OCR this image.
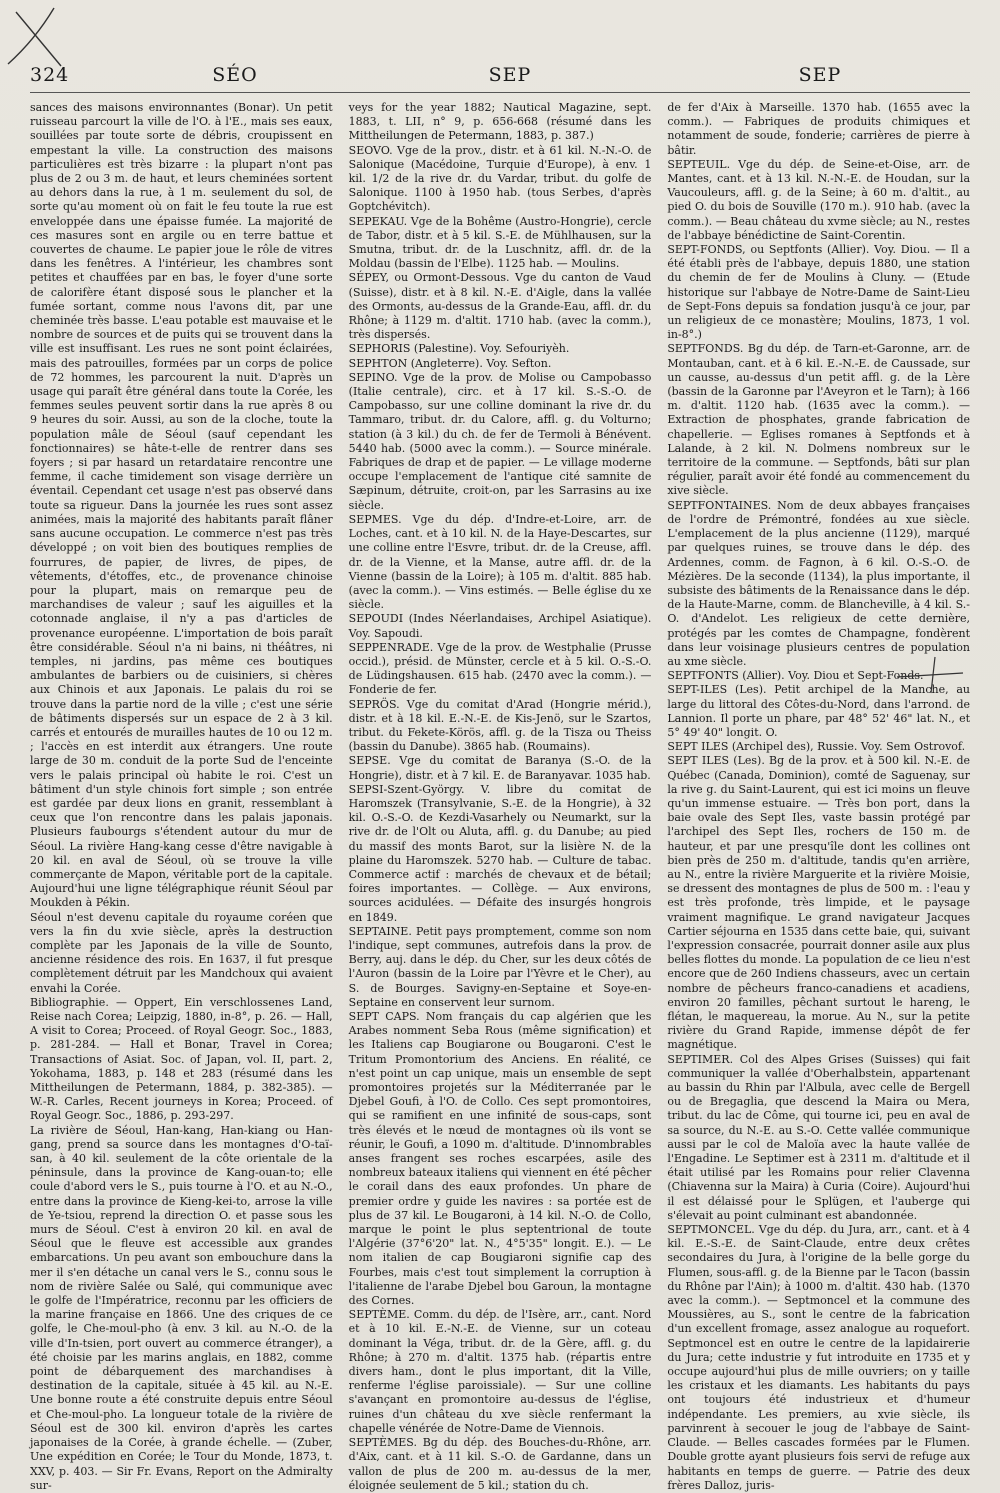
324	SÉO	SEP	SEP

sances des maisons environnantes (Bonar). Un petit ruisseau parcourt la ville de l'O. à l'E., mais ses eaux, souillées par toute sorte de débris, croupissent en empestant la ville. La construction des maisons particulières est très bizarre : la plupart n'ont pas plus de 2 ou 3 m. de haut, et leurs cheminées sortent au dehors dans la rue, à 1 m. seulement du sol, de sorte qu'au moment où on fait le feu toute la rue est enveloppée dans une épaisse fumée. La majorité de ces masures sont en argile ou en terre battue et couvertes de chaume. Le papier joue le rôle de vitres dans les fenêtres. A l'intérieur, les chambres sont petites et chauffées par en bas, le foyer d'une sorte de calorifère étant disposé sous le plancher et la fumée sortant, comme nous l'avons dit, par une cheminée très basse. L'eau potable est mauvaise et le nombre de sources et de puits qui se trouvent dans la ville est insuffisant. Les rues ne sont point éclairées, mais des patrouilles, formées par un corps de police de 72 hommes, les parcourent la nuit. D'après un usage qui paraît être général dans toute la Corée, les femmes seules peuvent sortir dans la rue après 8 ou 9 heures du soir. Aussi, au son de la cloche, toute la population mâle de Séoul (sauf cependant les fonctionnaires) se hâte-t-elle de rentrer dans ses foyers ; si par hasard un retardataire rencontre une femme, il cache timidement son visage derrière un éventail. Cependant cet usage n'est pas observé dans toute sa rigueur. Dans la journée les rues sont assez animées, mais la majorité des habitants paraît flâner sans aucune occupation. Le commerce n'est pas très développé ; on voit bien des boutiques remplies de fourrures, de papier, de livres, de pipes, de vêtements, d'étoffes, etc., de provenance chinoise pour la plupart, mais on remarque peu de marchandises de valeur ; sauf les aiguilles et la cotonnade anglaise, il n'y a pas d'articles de provenance européenne. L'importation de bois paraît être considérable. Séoul n'a ni bains, ni théâtres, ni temples, ni jardins, pas même ces boutiques ambulantes de barbiers ou de cuisiniers, si chères aux Chinois et aux Japonais. Le palais du roi se trouve dans la partie nord de la ville ; c'est une série de bâtiments dispersés sur un espace de 2 à 3 kil. carrés et entourés de murailles hautes de 10 ou 12 m. ; l'accès en est interdit aux étrangers. Une route large de 30 m. conduit de la porte Sud de l'enceinte vers le palais principal où habite le roi. C'est un bâtiment d'un style chinois fort simple ; son entrée est gardée par deux lions en granit, ressemblant à ceux que l'on rencontre dans les palais japonais. Plusieurs faubourgs s'étendent autour du mur de Séoul. La rivière Hang-kang cesse d'être navigable à 20 kil. en aval de Séoul, où se trouve la ville commerçante de Mapon, véritable port de la capitale. Aujourd'hui une ligne télégraphique réunit Séoul par Moukden à Pékin.

Séoul n'est devenu capitale du royaume coréen que vers la fin du xvie siècle, après la destruction complète par les Japonais de la ville de Sounto, ancienne résidence des rois. En 1637, il fut presque complètement détruit par les Mandchoux qui avaient envahi la Corée.

Bibliographie. — Oppert, Ein verschlossenes Land, Reise nach Corea; Leipzig, 1880, in-8°, p. 26. — Hall, A visit to Corea; Proceed. of Royal Geogr. Soc., 1883, p. 281-284. — Hall et Bonar, Travel in Corea; Transactions of Asiat. Soc. of Japan, vol. II, part. 2, Yokohama, 1883, p. 148 et 283 (résumé dans les Mittheilungen de Petermann, 1884, p. 382-385). — W.-R. Carles, Recent journeys in Korea; Proceed. of Royal Geogr. Soc., 1886, p. 293-297.

La rivière de Séoul, Han-kang, Han-kiang ou Han-gang, prend sa source dans les montagnes d'O-taï-san, à 40 kil. seulement de la côte orientale de la péninsule, dans la province de Kang-ouan-to; elle coule d'abord vers le S., puis tourne à l'O. et au N.-O., entre dans la province de Kieng-kei-to, arrose la ville de Ye-tsiou, reprend la direction O. et passe sous les murs de Séoul. C'est à environ 20 kil. en aval de Séoul que le fleuve est accessible aux grandes embarcations. Un peu avant son embouchure dans la mer il s'en détache un canal vers le S., connu sous le nom de rivière Salée ou Salé, qui communique avec le golfe de l'Impératrice, reconnu par les officiers de la marine française en 1866. Une des criques de ce golfe, le Che-moul-pho (à env. 3 kil. au N.-O. de la ville d'In-tsien, port ouvert au commerce étranger), a été choisie par les marins anglais, en 1882, comme point de débarquement des marchandises à destination de la capitale, située à 45 kil. au N.-E. Une bonne route a été construite depuis entre Séoul et Che-moul-pho. La longueur totale de la rivière de Séoul est de 300 kil. environ d'après les cartes japonaises de la Corée, à grande échelle. — (Zuber, Une expédition en Corée; le Tour du Monde, 1873, t. XXV, p. 403. — Sir Fr. Evans, Report on the Admiralty sur-

veys for the year 1882; Nautical Magazine, sept. 1883, t. LII, n° 9, p. 656-668 (résumé dans les Mittheilungen de Petermann, 1883, p. 387.)

SEOVO. Vge de la prov., distr. et à 61 kil. N.-N.-O. de Salonique (Macédoine, Turquie d'Europe), à env. 1 kil. 1/2 de la rive dr. du Vardar, tribut. du golfe de Salonique. 1100 à 1950 hab. (tous Serbes, d'après Goptchévitch).

SEPEKAU. Vge de la Bohême (Austro-Hongrie), cercle de Tabor, distr. et à 5 kil. S.-E. de Mühlhausen, sur la Smutna, tribut. dr. de la Luschnitz, affl. dr. de la Moldau (bassin de l'Elbe). 1125 hab. — Moulins.

SÉPEY, ou Ormont-Dessous. Vge du canton de Vaud (Suisse), distr. et à 8 kil. N.-E. d'Aigle, dans la vallée des Ormonts, au-dessus de la Grande-Eau, affl. dr. du Rhône; à 1129 m. d'altit. 1710 hab. (avec la comm.), très dispersés.

SEPHORIS (Palestine). Voy. Sefouriyèh.

SEPHTON (Angleterre). Voy. Sefton.

SEPINO. Vge de la prov. de Molise ou Campobasso (Italie centrale), circ. et à 17 kil. S.-S.-O. de Campobasso, sur une colline dominant la rive dr. du Tammaro, tribut. dr. du Calore, affl. g. du Volturno; station (à 3 kil.) du ch. de fer de Termoli à Bénévent. 5440 hab. (5000 avec la comm.). — Source minérale. Fabriques de drap et de papier. — Le village moderne occupe l'emplacement de l'antique cité samnite de Sæpinum, détruite, croit-on, par les Sarrasins au ixe siècle.

SEPMES. Vge du dép. d'Indre-et-Loire, arr. de Loches, cant. et à 10 kil. N. de la Haye-Descartes, sur une colline entre l'Esvre, tribut. dr. de la Creuse, affl. dr. de la Vienne, et la Manse, autre affl. dr. de la Vienne (bassin de la Loire); à 105 m. d'altit. 885 hab. (avec la comm.). — Vins estimés. — Belle église du xe siècle.

SEPOUDI (Indes Néerlandaises, Archipel Asiatique). Voy. Sapoudi.

SEPPENRADE. Vge de la prov. de Westphalie (Prusse occid.), présid. de Münster, cercle et à 5 kil. O.-S.-O. de Lüdingshausen. 615 hab. (2470 avec la comm.). — Fonderie de fer.

SEPRÖS. Vge du comitat d'Arad (Hongrie mérid.), distr. et à 18 kil. E.-N.-E. de Kis-Jenö, sur le Szartos, tribut. du Fekete-Körös, affl. g. de la Tisza ou Theiss (bassin du Danube). 3865 hab. (Roumains).

SEPSE. Vge du comitat de Baranya (S.-O. de la Hongrie), distr. et à 7 kil. E. de Baranyavar. 1035 hab.

SEPSI-Szent-György. V. libre du comitat de Haromszek (Transylvanie, S.-E. de la Hongrie), à 32 kil. O.-S.-O. de Kezdi-Vasarhely ou Neumarkt, sur la rive dr. de l'Olt ou Aluta, affl. g. du Danube; au pied du massif des monts Barot, sur la lisière N. de la plaine du Haromszek. 5270 hab. — Culture de tabac. Commerce actif : marchés de chevaux et de bétail; foires importantes. — Collège. — Aux environs, sources acidulées. — Défaite des insurgés hongrois en 1849.

SEPTAINE. Petit pays promptement, comme son nom l'indique, sept communes, autrefois dans la prov. de Berry, auj. dans le dép. du Cher, sur les deux côtés de l'Auron (bassin de la Loire par l'Yèvre et le Cher), au S. de Bourges. Savigny-en-Septaine et Soye-en-Septaine en conservent leur surnom.

SEPT CAPS. Nom français du cap algérien que les Arabes nomment Seba Rous (même signification) et les Italiens cap Bougiarone ou Bougaroni. C'est le Tritum Promontorium des Anciens. En réalité, ce n'est point un cap unique, mais un ensemble de sept promontoires projetés sur la Méditerranée par le Djebel Goufi, à l'O. de Collo. Ces sept promontoires, qui se ramifient en une infinité de sous-caps, sont très élevés et le nœud de montagnes où ils vont se réunir, le Goufi, a 1090 m. d'altitude. D'innombrables anses frangent ses roches escarpées, asile des nombreux bateaux italiens qui viennent en été pêcher le corail dans des eaux profondes. Un phare de premier ordre y guide les navires : sa portée est de plus de 37 kil. Le Bougaroni, à 14 kil. N.-O. de Collo, marque le point le plus septentrional de toute l'Algérie (37°6'20" lat. N., 4°5'35" longit. E.). — Le nom italien de cap Bougiaroni signifie cap des Fourbes, mais c'est tout simplement la corruption à l'italienne de l'arabe Djebel bou Garoun, la montagne des Cornes.

SEPTÈME. Comm. du dép. de l'Isère, arr., cant. Nord et à 10 kil. E.-N.-E. de Vienne, sur un coteau dominant la Véga, tribut. dr. de la Gère, affl. g. du Rhône; à 270 m. d'altit. 1375 hab. (répartis entre divers ham., dont le plus important, dit la Ville, renferme l'église paroissiale). — Sur une colline s'avançant en promontoire au-dessus de l'église, ruines d'un château du xve siècle renfermant la chapelle vénérée de Notre-Dame de Viennois.

SEPTÈMES. Bg du dép. des Bouches-du-Rhône, arr. d'Aix, cant. et à 11 kil. S.-O. de Gardanne, dans un vallon de plus de 200 m. au-dessus de la mer, éloignée seulement de 5 kil.; station du ch.

de fer d'Aix à Marseille. 1370 hab. (1655 avec la comm.). — Fabriques de produits chimiques et notamment de soude, fonderie; carrières de pierre à bâtir.

SEPTEUIL. Vge du dép. de Seine-et-Oise, arr. de Mantes, cant. et à 13 kil. N.-N.-E. de Houdan, sur la Vaucouleurs, affl. g. de la Seine; à 60 m. d'altit., au pied O. du bois de Souville (170 m.). 910 hab. (avec la comm.). — Beau château du xvme siècle; au N., restes de l'abbaye bénédictine de Saint-Corentin.

SEPT-FONDS, ou Septfonts (Allier). Voy. Diou. — Il a été établi près de l'abbaye, depuis 1880, une station du chemin de fer de Moulins à Cluny. — (Etude historique sur l'abbaye de Notre-Dame de Saint-Lieu de Sept-Fons depuis sa fondation jusqu'à ce jour, par un religieux de ce monastère; Moulins, 1873, 1 vol. in-8°.)

SEPTFONDS. Bg du dép. de Tarn-et-Garonne, arr. de Montauban, cant. et à 6 kil. E.-N.-E. de Caussade, sur un causse, au-dessus d'un petit affl. g. de la Lère (bassin de la Garonne par l'Aveyron et le Tarn); à 166 m. d'altit. 1120 hab. (1635 avec la comm.). — Extraction de phosphates, grande fabrication de chapellerie. — Eglises romanes à Septfonds et à Lalande, à 2 kil. N. Dolmens nombreux sur le territoire de la commune. — Septfonds, bâti sur plan régulier, paraît avoir été fondé au commencement du xive siècle.

SEPTFONTAINES. Nom de deux abbayes françaises de l'ordre de Prémontré, fondées au xue siècle. L'emplacement de la plus ancienne (1129), marqué par quelques ruines, se trouve dans le dép. des Ardennes, comm. de Fagnon, à 6 kil. O.-S.-O. de Mézières. De la seconde (1134), la plus importante, il subsiste des bâtiments de la Renaissance dans le dép. de la Haute-Marne, comm. de Blancheville, à 4 kil. S.-O. d'Andelot. Les religieux de cette dernière, protégés par les comtes de Champagne, fondèrent dans leur voisinage plusieurs centres de population au xme siècle.

SEPTFONTS (Allier). Voy. Diou et Sept-Fonds.

SEPT-ILES (Les). Petit archipel de la Manche, au large du littoral des Côtes-du-Nord, dans l'arrond. de Lannion. Il porte un phare, par 48° 52' 46" lat. N., et 5° 49' 40" longit. O.

SEPT ILES (Archipel des), Russie. Voy. Sem Ostrovof.

SEPT ILES (Les). Bg de la prov. et à 500 kil. N.-E. de Québec (Canada, Dominion), comté de Saguenay, sur la rive g. du Saint-Laurent, qui est ici moins un fleuve qu'un immense estuaire. — Très bon port, dans la baie ovale des Sept Iles, vaste bassin protégé par l'archipel des Sept Iles, rochers de 150 m. de hauteur, et par une presqu'île dont les collines ont bien près de 250 m. d'altitude, tandis qu'en arrière, au N., entre la rivière Marguerite et la rivière Moisie, se dressent des montagnes de plus de 500 m. : l'eau y est très profonde, très limpide, et le paysage vraiment magnifique. Le grand navigateur Jacques Cartier séjourna en 1535 dans cette baie, qui, suivant l'expression consacrée, pourrait donner asile aux plus belles flottes du monde. La population de ce lieu n'est encore que de 260 Indiens chasseurs, avec un certain nombre de pêcheurs franco-canadiens et acadiens, environ 20 familles, pêchant surtout le hareng, le flétan, le maquereau, la morue. Au N., sur la petite rivière du Grand Rapide, immense dépôt de fer magnétique.

SEPTIMER. Col des Alpes Grises (Suisses) qui fait communiquer la vallée d'Oberhalbstein, appartenant au bassin du Rhin par l'Albula, avec celle de Bergell ou de Bregaglia, que descend la Maira ou Mera, tribut. du lac de Côme, qui tourne ici, peu en aval de sa source, du N.-E. au S.-O. Cette vallée communique aussi par le col de Maloïa avec la haute vallée de l'Engadine. Le Septimer est à 2311 m. d'altitude et il était utilisé par les Romains pour relier Clavenna (Chiavenna sur la Maira) à Curia (Coire). Aujourd'hui il est délaissé pour le Splügen, et l'auberge qui s'élevait au point culminant est abandonnée.

SEPTMONCEL. Vge du dép. du Jura, arr., cant. et à 4 kil. E.-S.-E. de Saint-Claude, entre deux crêtes secondaires du Jura, à l'origine de la belle gorge du Flumen, sous-affl. g. de la Bienne par le Tacon (bassin du Rhône par l'Ain); à 1000 m. d'altit. 430 hab. (1370 avec la comm.). — Septmoncel et la commune des Moussières, au S., sont le centre de la fabrication d'un excellent fromage, assez analogue au roquefort. Septmoncel est en outre le centre de la lapidairerie du Jura; cette industrie y fut introduite en 1735 et y occupe aujourd'hui plus de mille ouvriers; on y taille les cristaux et les diamants. Les habitants du pays ont toujours été industrieux et d'humeur indépendante. Les premiers, au xvie siècle, ils parvinrent à secouer le joug de l'abbaye de Saint-Claude. — Belles cascades formées par le Flumen. Double grotte ayant plusieurs fois servi de refuge aux habitants en temps de guerre. — Patrie des deux frères Dalloz, juris-
